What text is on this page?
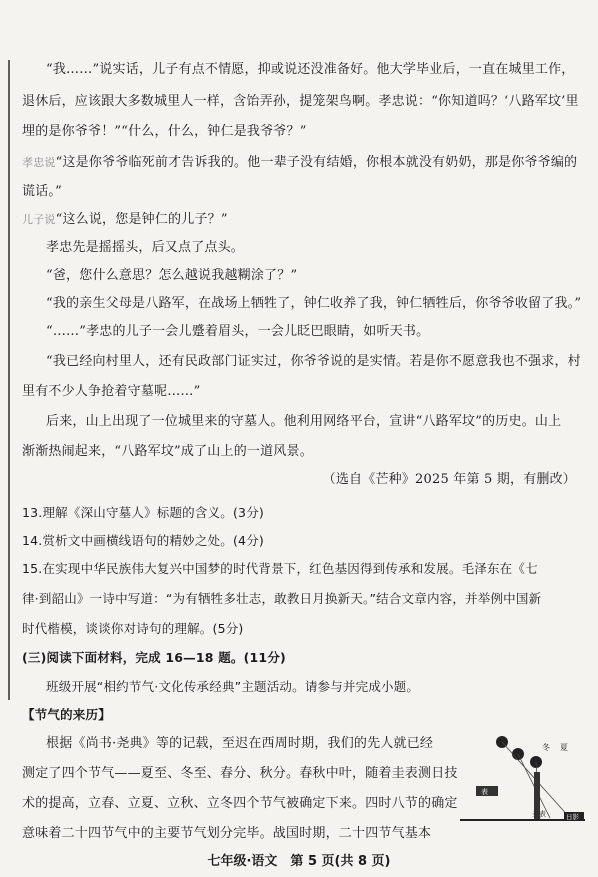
“我……”说实话，儿子有点不情愿，抑或说还没准备好。他大学毕业后，一直在城里工作，
退休后，应该跟大多数城里人一样，含饴弄孙，提笼架鸟啊。孝忠说：“你知道吗？‘八路军坟’里
埋的是你爷爷！”“什么，什么，钟仁是我爷爷？”
孝忠说“这是你爷爷临死前才告诉我的。他一辈子没有结婚，你根本就没有奶奶，那是你爷爷编的
谎话。”
儿子说“这么说，您是钟仁的儿子？”
孝忠先是摇摇头，后又点了点头。
“爸，您什么意思？怎么越说我越糊涂了？”
“我的亲生父母是八路军，在战场上牺牲了，钟仁收养了我，钟仁牺牲后，你爷爷收留了我。”
“……”孝忠的儿子一会儿蹙着眉头，一会儿眨巴眼睛，如听天书。
“我已经向村里人，还有民政部门证实过，你爷爷说的是实情。若是你不愿意我也不强求，村
里有不少人争抢着守墓呢……”
后来，山上出现了一位城里来的守墓人。他利用网络平台，宣讲“八路军坟”的历史。山上
渐渐热闹起来，“八路军坟”成了山上的一道风景。
（选自《芒种》2025 年第 5 期，有删改）
13.理解《深山守墓人》标题的含义。(3分)
14.赏析文中画横线语句的精妙之处。(4分)
15.在实现中华民族伟大复兴中国梦的时代背景下，红色基因得到传承和发展。毛泽东在《七
律·到韶山》一诗中写道：“为有牺牲多壮志，敢教日月换新天。”结合文章内容，并举例中国新
时代楷模，谈谈你对诗句的理解。(5分)
(三)阅读下面材料，完成 16—18 题。(11分)
班级开展“相约节气·文化传承经典”主题活动。请参与并完成小题。
【节气的来历】
根据《尚书·尧典》等的记载，至迟在西周时期，我们的先人就已经
测定了四个节气——夏至、冬至、春分、秋分。春秋中叶，随着圭表测日技
术的提高，立春、立夏、立秋、立冬四个节气被确定下来。四时八节的确定
意味着二十四节气中的主要节气划分完毕。战国时期，二十四节气基本
冬 夏
表
圭表	日影
七年级·语文　第 5 页(共 8 页)
